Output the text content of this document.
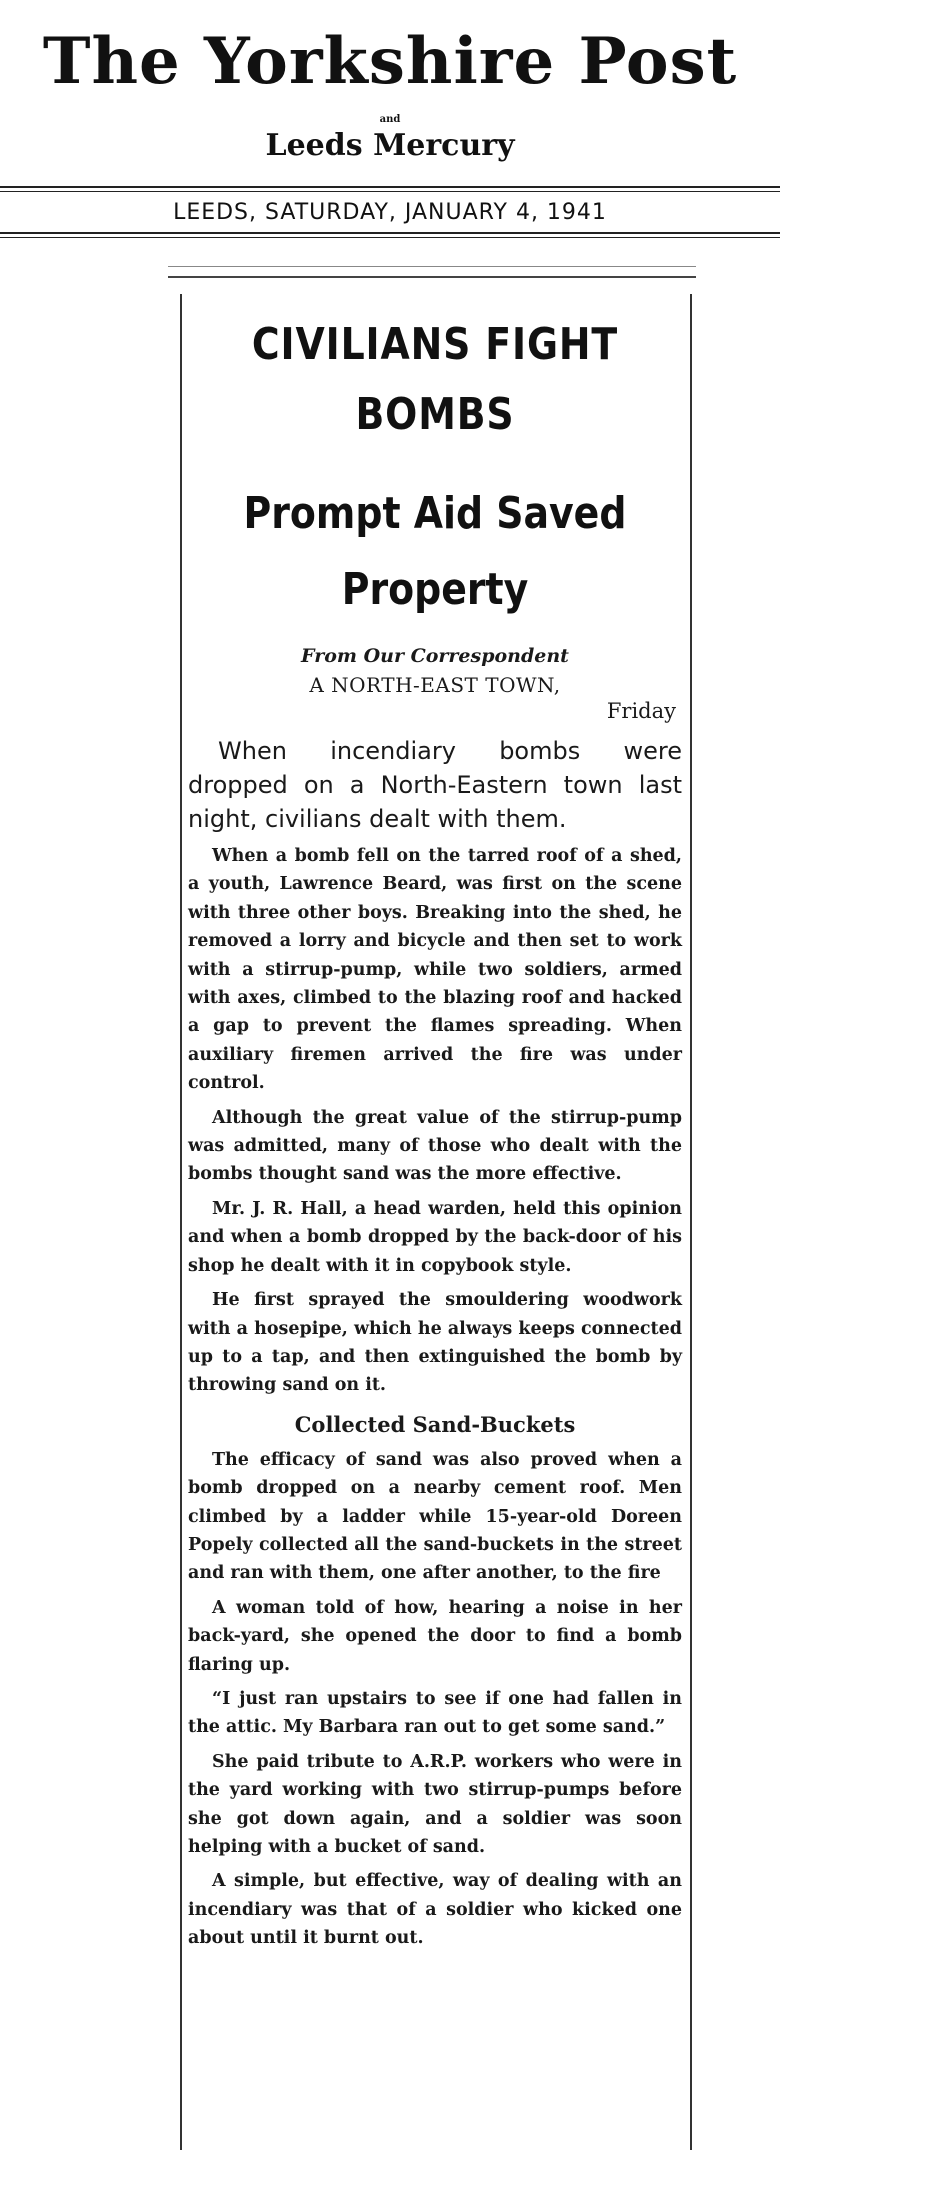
The Yorkshire Post
and
Leeds Mercury
LEEDS, SATURDAY, JANUARY 4, 1941
CIVILIANS FIGHT BOMBS
Prompt Aid Saved Property

From Our Correspondent

A NORTH-EAST TOWN,

Friday

When incendiary bombs were dropped on a North-Eastern town last night, civilians dealt with them.

When a bomb fell on the tarred roof of a shed, a youth, Lawrence Beard, was first on the scene with three other boys. Breaking into the shed, he removed a lorry and bicycle and then set to work with a stirrup-pump, while two soldiers, armed with axes, climbed to the blazing roof and hacked a gap to prevent the flames spreading. When auxiliary firemen arrived the fire was under control.

Although the great value of the stirrup-pump was admitted, many of those who dealt with the bombs thought sand was the more effective.

Mr. J. R. Hall, a head warden, held this opinion and when a bomb dropped by the back-door of his shop he dealt with it in copybook style.

He first sprayed the smouldering woodwork with a hosepipe, which he always keeps connected up to a tap, and then extinguished the bomb by throwing sand on it.

Collected Sand-Buckets

The efficacy of sand was also proved when a bomb dropped on a nearby cement roof. Men climbed by a ladder while 15-year-old Doreen Popely collected all the sand-buckets in the street and ran with them, one after another, to the fire

A woman told of how, hearing a noise in her back-yard, she opened the door to find a bomb flaring up.

“I just ran upstairs to see if one had fallen in the attic. My Barbara ran out to get some sand.”

She paid tribute to A.R.P. workers who were in the yard working with two stirrup-pumps before she got down again, and a soldier was soon helping with a bucket of sand.

A simple, but effective, way of dealing with an incendiary was that of a soldier who kicked one about until it burnt out.
